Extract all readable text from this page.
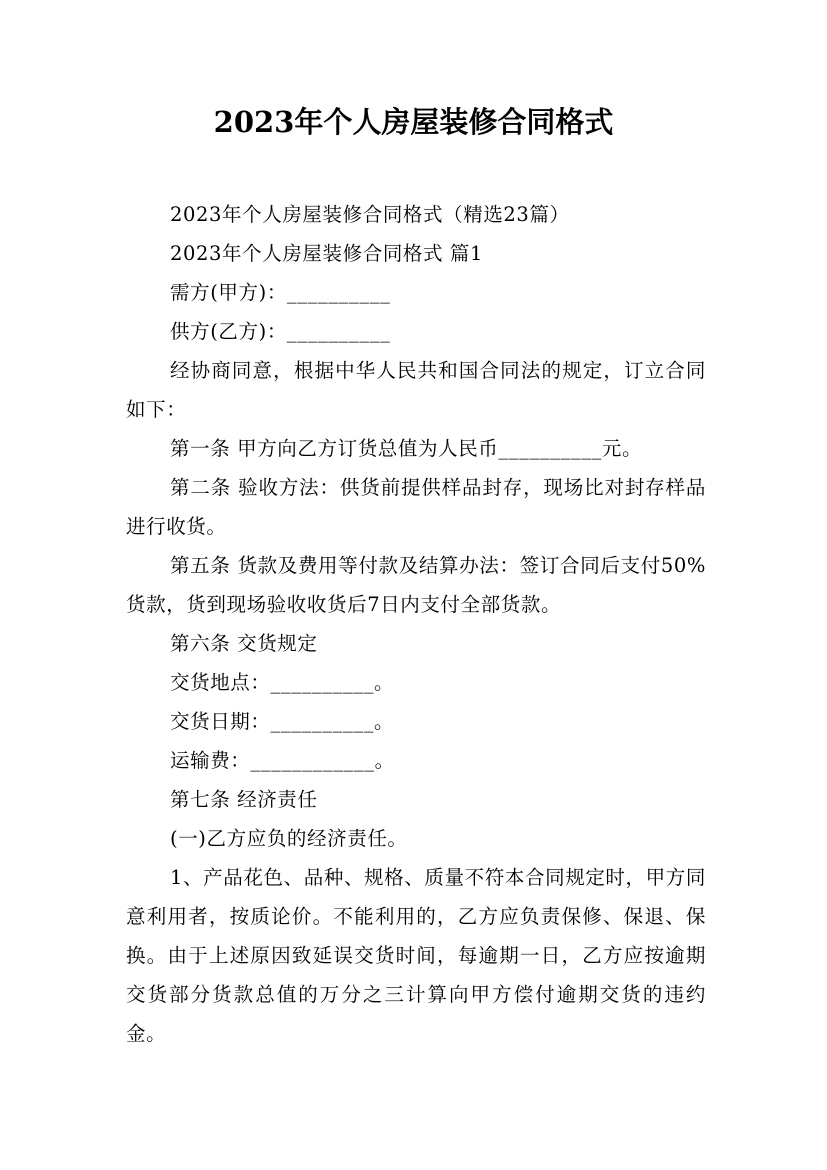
2023年个人房屋装修合同格式

2023年个人房屋装修合同格式（精选23篇）

2023年个人房屋装修合同格式 篇1

需方(甲方)：__________

供方(乙方)：__________

经协商同意，根据中华人民共和国合同法的规定，订立合同如下：

第一条 甲方向乙方订货总值为人民币__________元。

第二条 验收方法：供货前提供样品封存，现场比对封存样品进行收货。

第五条 货款及费用等付款及结算办法：签订合同后支付50%货款，货到现场验收收货后7日内支付全部货款。

第六条 交货规定

交货地点：__________。

交货日期：__________。

运输费：____________。

第七条 经济责任

(一)乙方应负的经济责任。

1、产品花色、品种、规格、质量不符本合同规定时，甲方同意利用者，按质论价。不能利用的，乙方应负责保修、保退、保换。由于上述原因致延误交货时间，每逾期一日，乙方应按逾期交货部分货款总值的万分之三计算向甲方偿付逾期交货的违约金。
